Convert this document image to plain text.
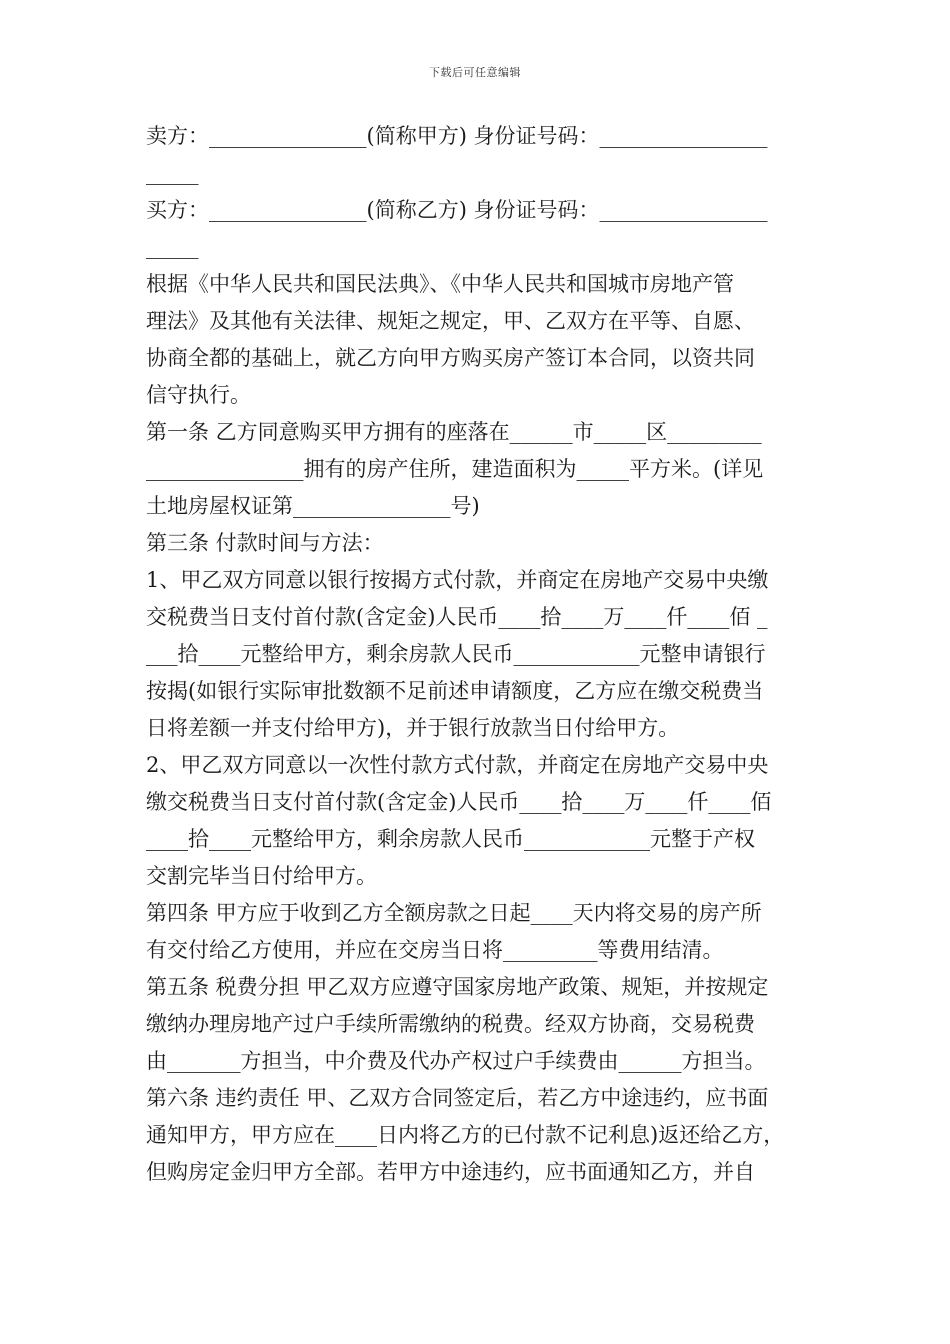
下载后可任意编辑
卖方：_______________(简称甲方) 身份证号码：________________
_____
买方：_______________(简称乙方) 身份证号码：________________
_____
根据《中华人民共和国民法典》、《中华人民共和国城市房地产管
理法》及其他有关法律、规矩之规定，甲、乙双方在平等、自愿、
协商全都的基础上，就乙方向甲方购买房产签订本合同，以资共同
信守执行。
第一条 乙方同意购买甲方拥有的座落在______市_____区_________
_______________拥有的房产住所，建造面积为_____平方米。(详见
土地房屋权证第_______________号)
第三条 付款时间与方法：
1、甲乙双方同意以银行按揭方式付款，并商定在房地产交易中央缴
交税费当日支付首付款(含定金)人民币____拾____万____仟____佰 _
___拾____元整给甲方，剩余房款人民币____________元整申请银行
按揭(如银行实际审批数额不足前述申请额度，乙方应在缴交税费当
日将差额一并支付给甲方)，并于银行放款当日付给甲方。
2、甲乙双方同意以一次性付款方式付款，并商定在房地产交易中央
缴交税费当日支付首付款(含定金)人民币____拾____万____仟____佰
____拾____元整给甲方，剩余房款人民币____________元整于产权
交割完毕当日付给甲方。
第四条 甲方应于收到乙方全额房款之日起____天内将交易的房产所
有交付给乙方使用，并应在交房当日将_________等费用结清。
第五条 税费分担 甲乙双方应遵守国家房地产政策、规矩，并按规定
缴纳办理房地产过户手续所需缴纳的税费。经双方协商，交易税费
由_______方担当，中介费及代办产权过户手续费由______方担当。
第六条 违约责任 甲、乙双方合同签定后，若乙方中途违约，应书面
通知甲方，甲方应在____日内将乙方的已付款不记利息)返还给乙方，
但购房定金归甲方全部。若甲方中途违约，应书面通知乙方，并自
